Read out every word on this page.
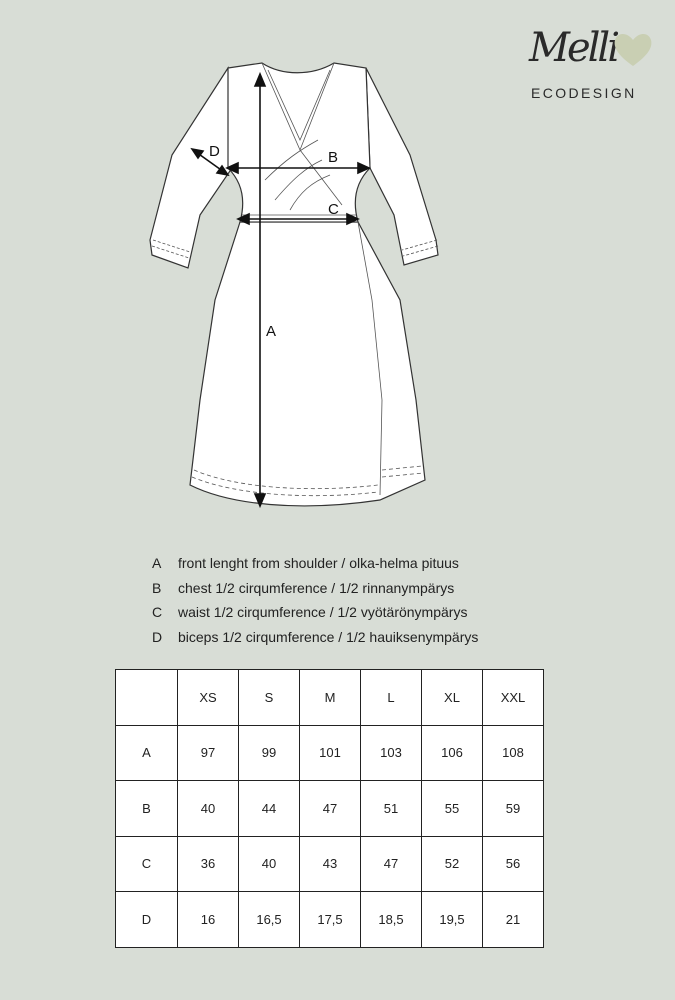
Melli
ECODESIGN
A
B
C
D
A front lenght from shoulder / olka-helma pituus
B chest 1/2 cirqumference / 1/2 rinnanympärys
C waist 1/2 cirqumference / 1/2 vyötärönympärys
D biceps 1/2 cirqumference / 1/2 hauiksenympärys
	XS	S	M	L	XL	XXL
A	97	99	101	103	106	108
B	40	44	47	51	55	59
C	36	40	43	47	52	56
D	16	16,5	17,5	18,5	19,5	21
